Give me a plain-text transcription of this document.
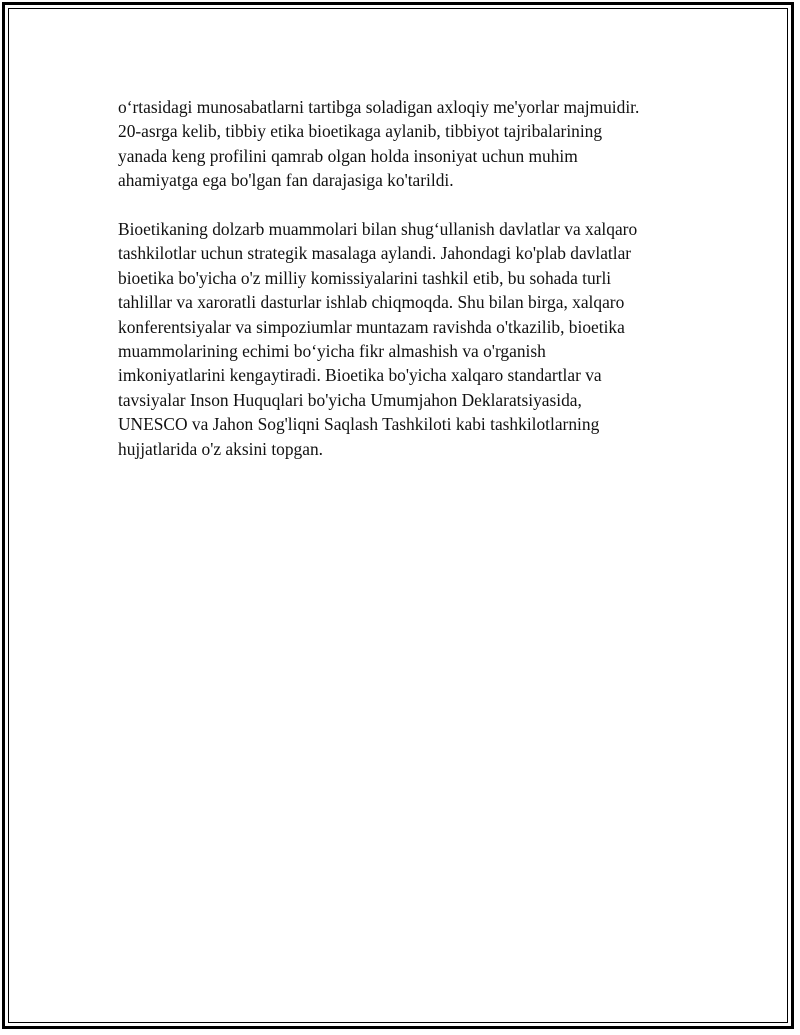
o‘rtasidagi munosabatlarni tartibga soladigan axloqiy me'yorlar majmuidir.
20-asrga kelib, tibbiy etika bioetikaga aylanib, tibbiyot tajribalarining
yanada keng profilini qamrab olgan holda insoniyat uchun muhim
ahamiyatga ega bo'lgan fan darajasiga ko'tarildi.

Bioetikaning dolzarb muammolari bilan shug‘ullanish davlatlar va xalqaro
tashkilotlar uchun strategik masalaga aylandi. Jahondagi ko'plab davlatlar
bioetika bo'yicha o'z milliy komissiyalarini tashkil etib, bu sohada turli
tahlillar va xaroratli dasturlar ishlab chiqmoqda. Shu bilan birga, xalqaro
konferentsiyalar va simpoziumlar muntazam ravishda o'tkazilib, bioetika
muammolarining echimi bo‘yicha fikr almashish va o'rganish
imkoniyatlarini kengaytiradi. Bioetika bo'yicha xalqaro standartlar va
tavsiyalar Inson Huquqlari bo'yicha Umumjahon Deklaratsiyasida,
UNESCO va Jahon Sog'liqni Saqlash Tashkiloti kabi tashkilotlarning
hujjatlarida o'z aksini topgan.
